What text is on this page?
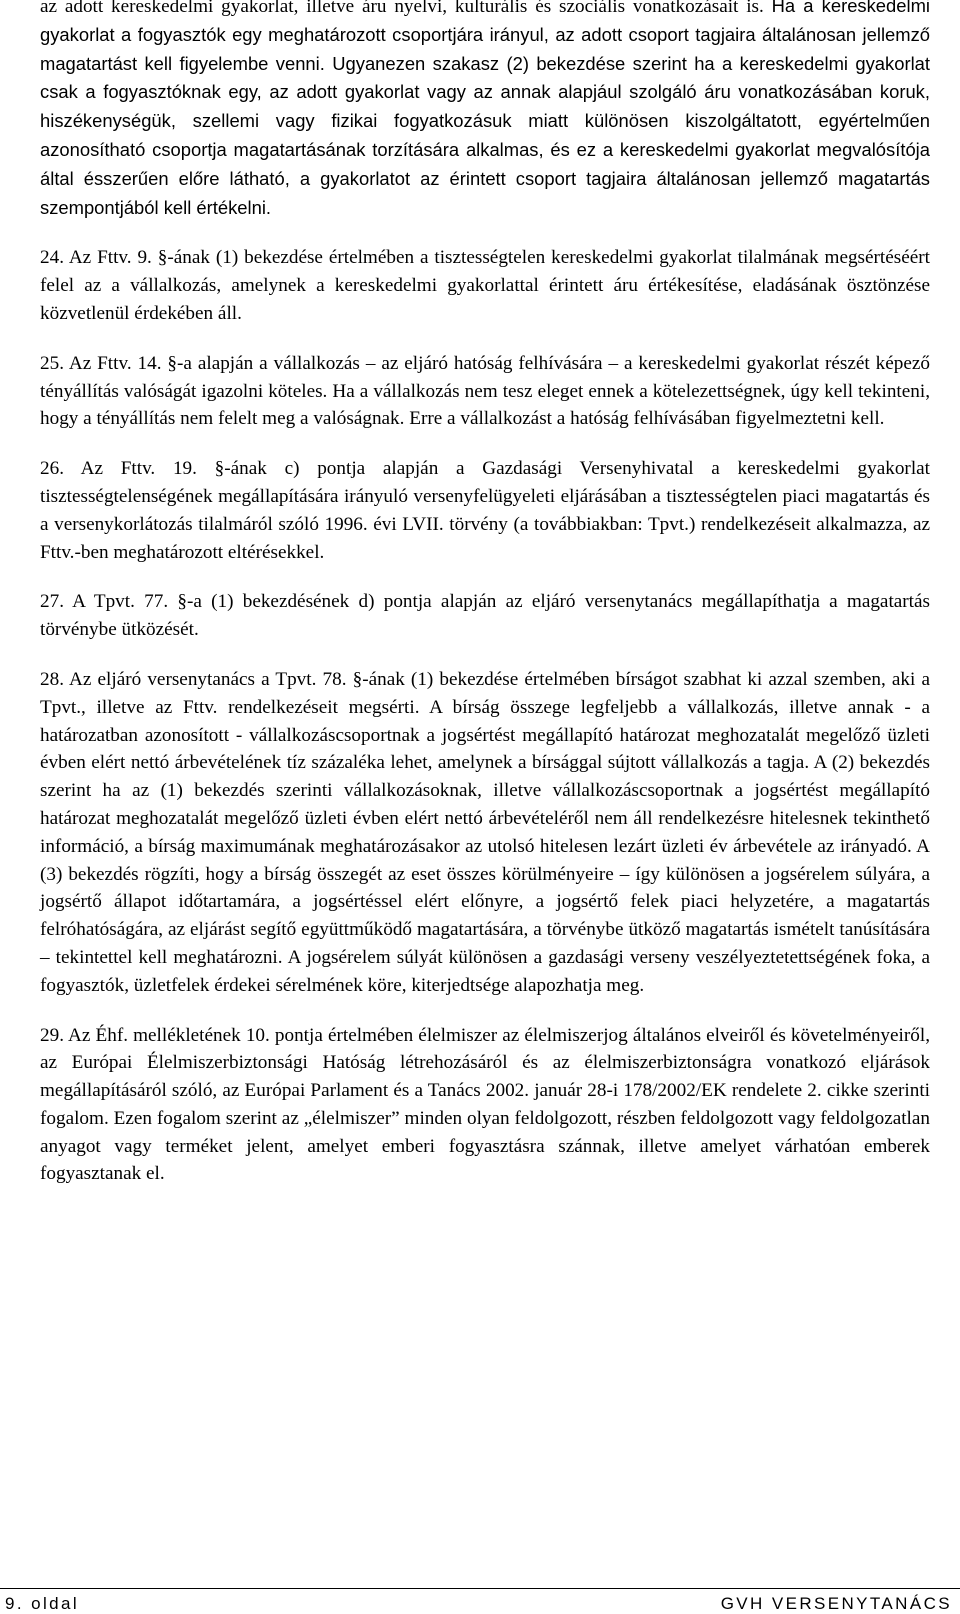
az adott kereskedelmi gyakorlat, illetve áru nyelvi, kulturális és szociális vonatkozásait is. Ha a kereskedelmi gyakorlat a fogyasztók egy meghatározott csoportjára irányul, az adott csoport tagjaira általánosan jellemző magatartást kell figyelembe venni. Ugyanezen szakasz (2) bekezdése szerint ha a kereskedelmi gyakorlat csak a fogyasztóknak egy, az adott gyakorlat vagy az annak alapjául szolgáló áru vonatkozásában koruk, hiszékenységük, szellemi vagy fizikai fogyatkozásuk miatt különösen kiszolgáltatott, egyértelműen azonosítható csoportja magatartásának torzítására alkalmas, és ez a kereskedelmi gyakorlat megvalósítója által ésszerűen előre látható, a gyakorlatot az érintett csoport tagjaira általánosan jellemző magatartás szempontjából kell értékelni.
24. Az Fttv. 9. §-ának (1) bekezdése értelmében a tisztességtelen kereskedelmi gyakorlat tilalmának megsértéséért felel az a vállalkozás, amelynek a kereskedelmi gyakorlattal érintett áru értékesítése, eladásának ösztönzése közvetlenül érdekében áll.
25. Az Fttv. 14. §-a alapján a vállalkozás – az eljáró hatóság felhívására – a kereskedelmi gyakorlat részét képező tényállítás valóságát igazolni köteles. Ha a vállalkozás nem tesz eleget ennek a kötelezettségnek, úgy kell tekinteni, hogy a tényállítás nem felelt meg a valóságnak. Erre a vállalkozást a hatóság felhívásában figyelmeztetni kell.
26. Az Fttv. 19. §-ának c) pontja alapján a Gazdasági Versenyhivatal a kereskedelmi gyakorlat tisztességtelenségének megállapítására irányuló versenyfelügyeleti eljárásában a tisztességtelen piaci magatartás és a versenykorlátozás tilalmáról szóló 1996. évi LVII. törvény (a továbbiakban: Tpvt.) rendelkezéseit alkalmazza, az Fttv.-ben meghatározott eltérésekkel.
27. A Tpvt. 77. §-a (1) bekezdésének d) pontja alapján az eljáró versenytanács megállapíthatja a magatartás törvénybe ütközését.
28. Az eljáró versenytanács a Tpvt. 78. §-ának (1) bekezdése értelmében bírságot szabhat ki azzal szemben, aki a Tpvt., illetve az Fttv. rendelkezéseit megsérti. A bírság összege legfeljebb a vállalkozás, illetve annak - a határozatban azonosított - vállalkozáscsoportnak a jogsértést megállapító határozat meghozatalát megelőző üzleti évben elért nettó árbevételének tíz százaléka lehet, amelynek a bírsággal sújtott vállalkozás a tagja. A (2) bekezdés szerint ha az (1) bekezdés szerinti vállalkozásoknak, illetve vállalkozáscsoportnak a jogsértést megállapító határozat meghozatalát megelőző üzleti évben elért nettó árbevételéről nem áll rendelkezésre hitelesnek tekinthető információ, a bírság maximumának meghatározásakor az utolsó hitelesen lezárt üzleti év árbevétele az irányadó. A (3) bekezdés rögzíti, hogy a bírság összegét az eset összes körülményeire – így különösen a jogsérelem súlyára, a jogsértő állapot időtartamára, a jogsértéssel elért előnyre, a jogsértő felek piaci helyzetére, a magatartás felróhatóságára, az eljárást segítő együttműködő magatartására, a törvénybe ütköző magatartás ismételt tanúsítására – tekintettel kell meghatározni. A jogsérelem súlyát különösen a gazdasági verseny veszélyeztetettségének foka, a fogyasztók, üzletfelek érdekei sérelmének köre, kiterjedtsége alapozhatja meg.
29. Az Éhf. mellékletének 10. pontja értelmében élelmiszer az élelmiszerjog általános elveiről és követelményeiről, az Európai Élelmiszerbiztonsági Hatóság létrehozásáról és az élelmiszerbiztonságra vonatkozó eljárások megállapításáról szóló, az Európai Parlament és a Tanács 2002. január 28-i 178/2002/EK rendelete 2. cikke szerinti fogalom. Ezen fogalom szerint az „élelmiszer” minden olyan feldolgozott, részben feldolgozott vagy feldolgozatlan anyagot vagy terméket jelent, amelyet emberi fogyasztásra szánnak, illetve amelyet várhatóan emberek fogyasztanak el.
9. oldal	GVH VERSENYTANÁCS
